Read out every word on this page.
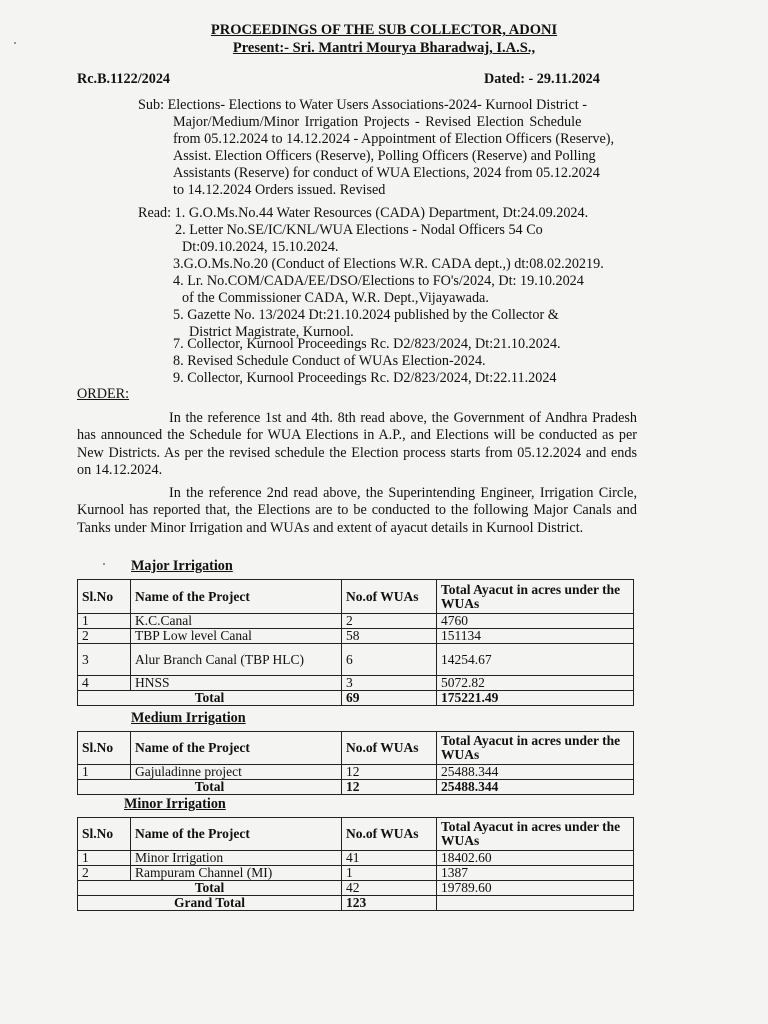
PROCEEDINGS OF THE SUB COLLECTOR, ADONI
Present:- Sri. Mantri Mourya Bharadwaj, I.A.S.,
Rc.B.1122/2024	Dated: - 29.11.2024
Sub: Elections- Elections to Water Users Associations-2024- Kurnool District -
Major/Medium/Minor Irrigation Projects - Revised Election Schedule
from 05.12.2024 to 14.12.2024 - Appointment of Election Officers (Reserve),
Assist. Election Officers (Reserve), Polling Officers (Reserve) and Polling
Assistants (Reserve) for conduct of WUA Elections, 2024 from 05.12.2024
to 14.12.2024 Orders issued. Revised
Read: 1. G.O.Ms.No.44 Water Resources (CADA) Department, Dt:24.09.2024.
2. Letter No.SE/IC/KNL/WUA Elections - Nodal Officers 54 Co
Dt:09.10.2024, 15.10.2024.
3.G.O.Ms.No.20 (Conduct of Elections W.R. CADA dept.,) dt:08.02.20219.
4. Lr. No.COM/CADA/EE/DSO/Elections to FO's/2024, Dt: 19.10.2024
of the Commissioner CADA, W.R. Dept.,Vijayawada.
5. Gazette No. 13/2024 Dt:21.10.2024 published by the Collector &
District Magistrate, Kurnool.
7. Collector, Kurnool Proceedings Rc. D2/823/2024, Dt:21.10.2024.
8. Revised Schedule Conduct of WUAs Election-2024.
9. Collector, Kurnool Proceedings Rc. D2/823/2024, Dt:22.11.2024
ORDER:
In the reference 1st and 4th. 8th read above, the Government of Andhra Pradesh has announced the Schedule for WUA Elections in A.P., and Elections will be conducted as per New Districts. As per the revised schedule the Election process starts from 05.12.2024 and ends on 14.12.2024.
In the reference 2nd read above, the Superintending Engineer, Irrigation Circle, Kurnool has reported that, the Elections are to be conducted to the following Major Canals and Tanks under Minor Irrigation and WUAs and extent of ayacut details in Kurnool District.
Major Irrigation
Sl.No	Name of the Project	No.of WUAs	Total Ayacut in acres under the WUAs
1	K.C.Canal	2	4760
2	TBP Low level Canal	58	151134
3	Alur Branch Canal (TBP HLC)	6	14254.67
4	HNSS	3	5072.82
Total		69	175221.49
Medium Irrigation
Sl.No	Name of the Project	No.of WUAs	Total Ayacut in acres under the WUAs
1	Gajuladinne project	12	25488.344
Total		12	25488.344
Minor Irrigation
Sl.No	Name of the Project	No.of WUAs	Total Ayacut in acres under the WUAs
1	Minor Irrigation	41	18402.60
2	Rampuram Channel (MI)	1	1387
Total		42	19789.60
Grand Total		123	
